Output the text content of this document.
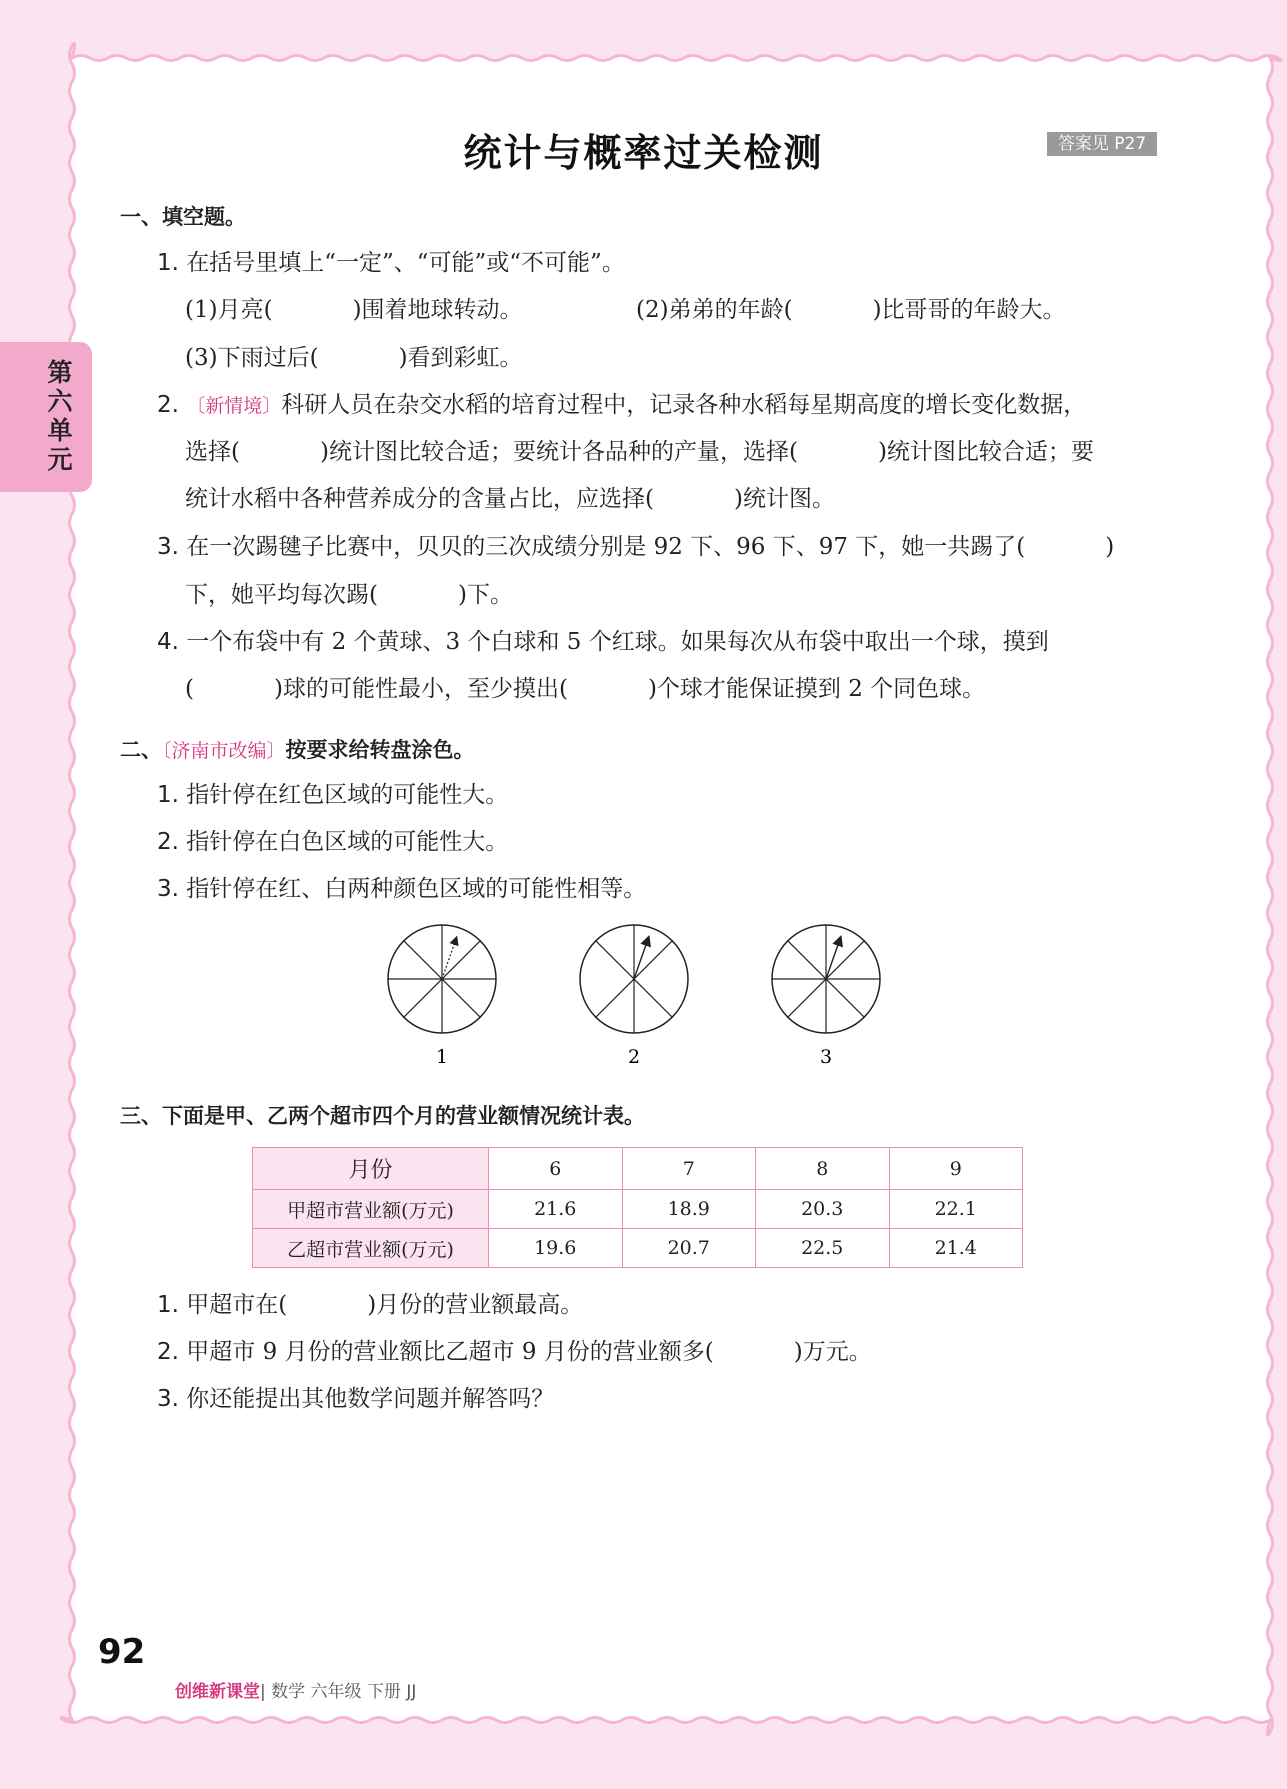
统计与概率过关检测	答案见 P27
第六单元
一、填空题。
1. 在括号里填上“一定”、“可能”或“不可能”。
(1)月亮(	)围着地球转动。	(2)弟弟的年龄(	)比哥哥的年龄大。
(3)下雨过后(	)看到彩虹。
2. 〔新情境〕科研人员在杂交水稻的培育过程中，记录各种水稻每星期高度的增长变化数据，
选择(	)统计图比较合适；要统计各品种的产量，选择(	)统计图比较合适；要
统计水稻中各种营养成分的含量占比，应选择(	)统计图。
3. 在一次踢毽子比赛中，贝贝的三次成绩分别是 92 下、96 下、97 下，她一共踢了(	)
下，她平均每次踢(	)下。
4. 一个布袋中有 2 个黄球、3 个白球和 5 个红球。如果每次从布袋中取出一个球，摸到
(	)球的可能性最小，至少摸出(	)个球才能保证摸到 2 个同色球。
二、〔济南市改编〕按要求给转盘涂色。
1. 指针停在红色区域的可能性大。
2. 指针停在白色区域的可能性大。
3. 指针停在红、白两种颜色区域的可能性相等。
1	2	3
三、下面是甲、乙两个超市四个月的营业额情况统计表。
月份	6	7	8	9
甲超市营业额(万元)	21.6	18.9	20.3	22.1
乙超市营业额(万元)	19.6	20.7	22.5	21.4
1. 甲超市在(	)月份的营业额最高。
2. 甲超市 9 月份的营业额比乙超市 9 月份的营业额多(	)万元。
3. 你还能提出其他数学问题并解答吗？
92
创维新课堂| 数学 六年级 下册 JJ
